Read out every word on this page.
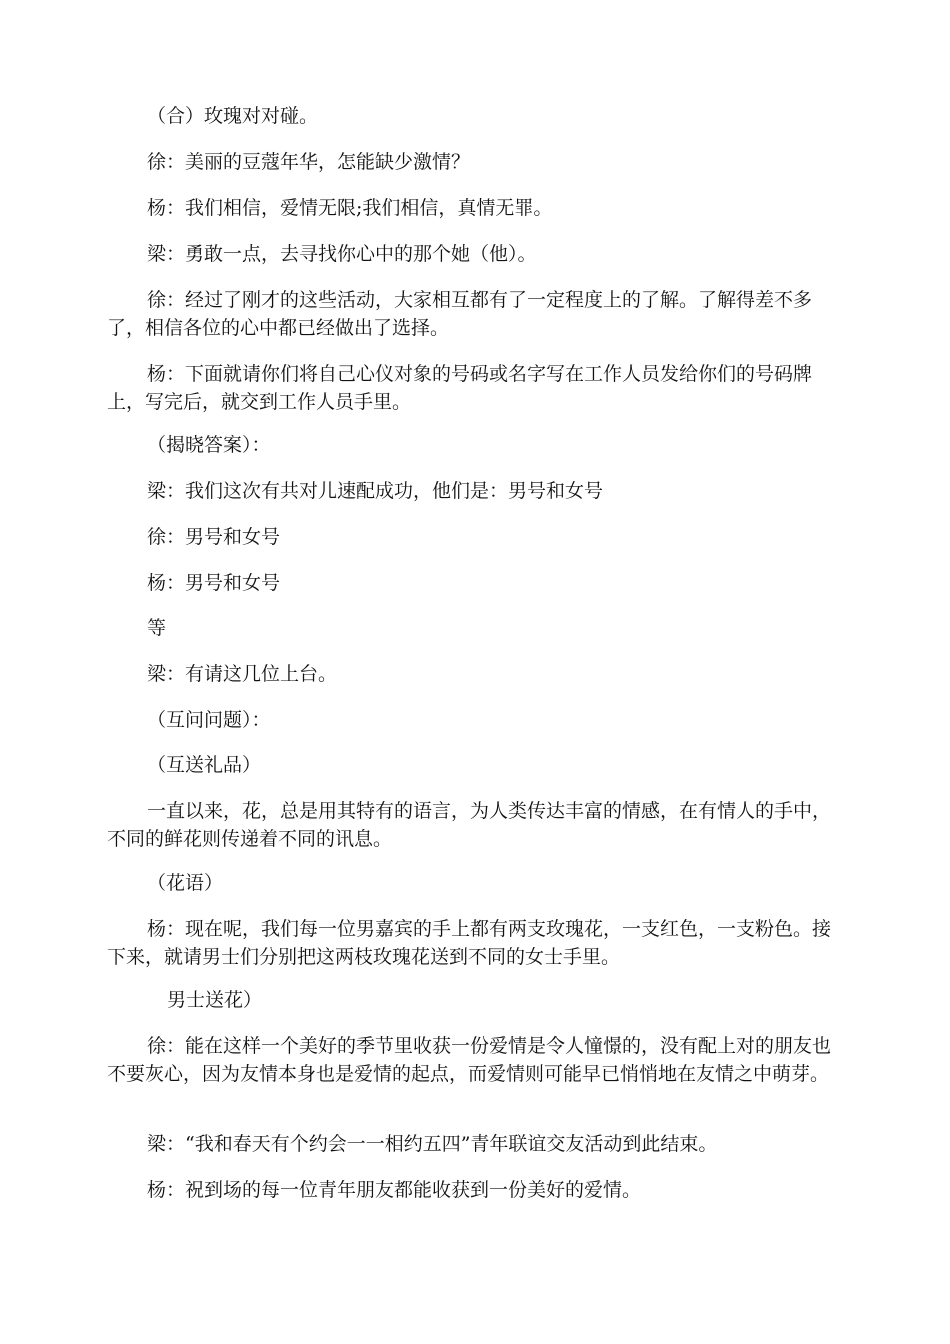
（合）玫瑰对对碰。

徐：美丽的豆蔻年华，怎能缺少激情？

杨：我们相信，爱情无限;我们相信，真情无罪。

梁：勇敢一点，去寻找你心中的那个她（他）。

徐：经过了刚才的这些活动，大家相互都有了一定程度上的了解。了解得差不多了，相信各位的心中都已经做出了选择。

杨：下面就请你们将自己心仪对象的号码或名字写在工作人员发给你们的号码牌上，写完后，就交到工作人员手里。

（揭晓答案）：

梁：我们这次有共对儿速配成功，他们是：男号和女号

徐：男号和女号

杨：男号和女号

等

梁：有请这几位上台。

（互问问题）：

（互送礼品）

一直以来，花，总是用其特有的语言，为人类传达丰富的情感，在有情人的手中，不同的鲜花则传递着不同的讯息。

（花语）

杨：现在呢，我们每一位男嘉宾的手上都有两支玫瑰花，一支红色，一支粉色。接下来，就请男士们分别把这两枝玫瑰花送到不同的女士手里。

男士送花）

徐：能在这样一个美好的季节里收获一份爱情是令人憧憬的，没有配上对的朋友也不要灰心，因为友情本身也是爱情的起点，而爱情则可能早已悄悄地在友情之中萌芽。

梁：“我和春天有个约会一一相约五四”青年联谊交友活动到此结束。

杨：祝到场的每一位青年朋友都能收获到一份美好的爱情。
